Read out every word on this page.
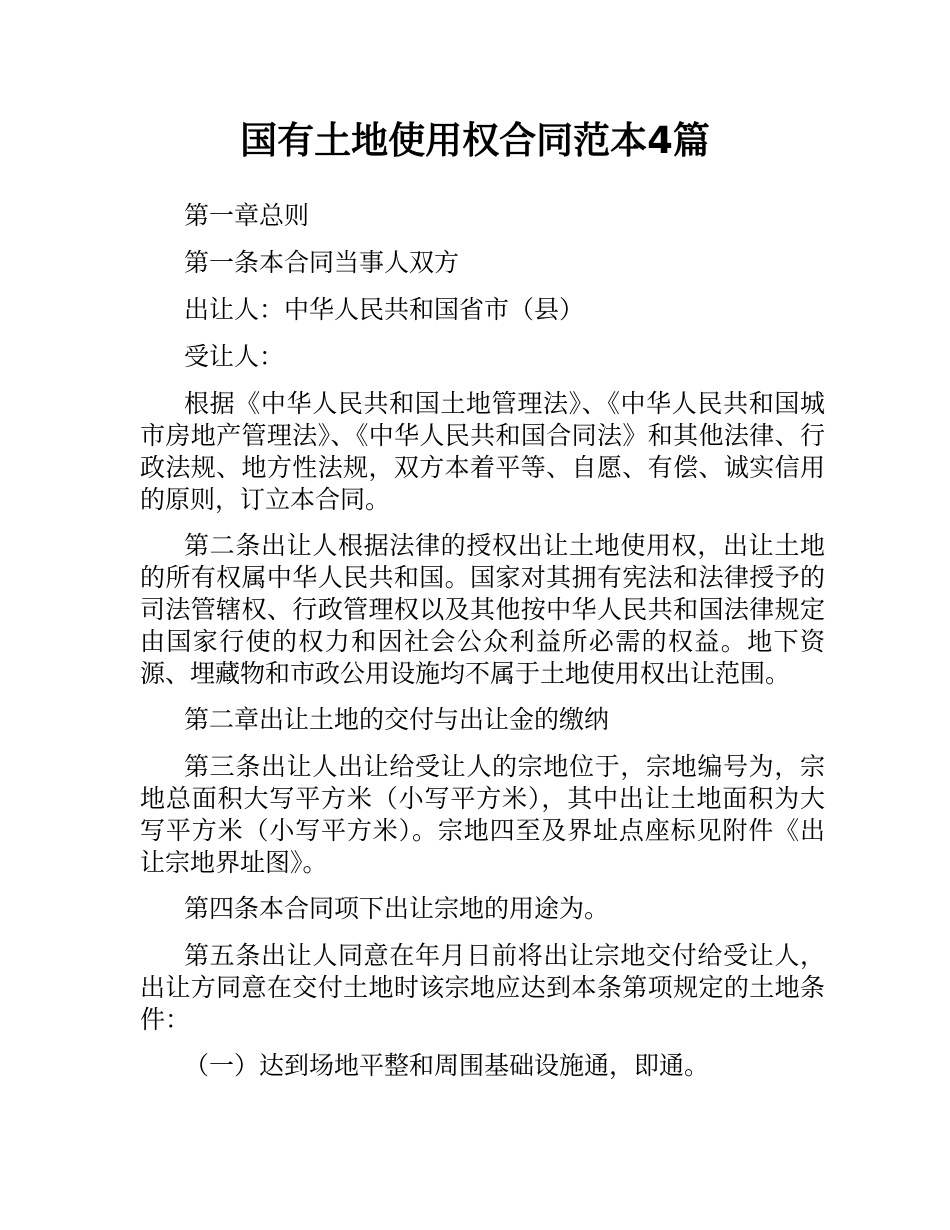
国有土地使用权合同范本4篇

第一章总则

第一条本合同当事人双方

出让人：中华人民共和国省市（县）

受让人：

根据《中华人民共和国土地管理法》、《中华人民共和国城市房地产管理法》、《中华人民共和国合同法》和其他法律、行政法规、地方性法规，双方本着平等、自愿、有偿、诚实信用的原则，订立本合同。

第二条出让人根据法律的授权出让土地使用权，出让土地的所有权属中华人民共和国。国家对其拥有宪法和法律授予的司法管辖权、行政管理权以及其他按中华人民共和国法律规定由国家行使的权力和因社会公众利益所必需的权益。地下资源、埋藏物和市政公用设施均不属于土地使用权出让范围。

第二章出让土地的交付与出让金的缴纳

第三条出让人出让给受让人的宗地位于，宗地编号为，宗地总面积大写平方米（小写平方米），其中出让土地面积为大写平方米（小写平方米）。宗地四至及界址点座标见附件《出让宗地界址图》。

第四条本合同项下出让宗地的用途为。

第五条出让人同意在年月日前将出让宗地交付给受让人，出让方同意在交付土地时该宗地应达到本条第项规定的土地条件：

（一）达到场地平整和周围基础设施通，即通。
